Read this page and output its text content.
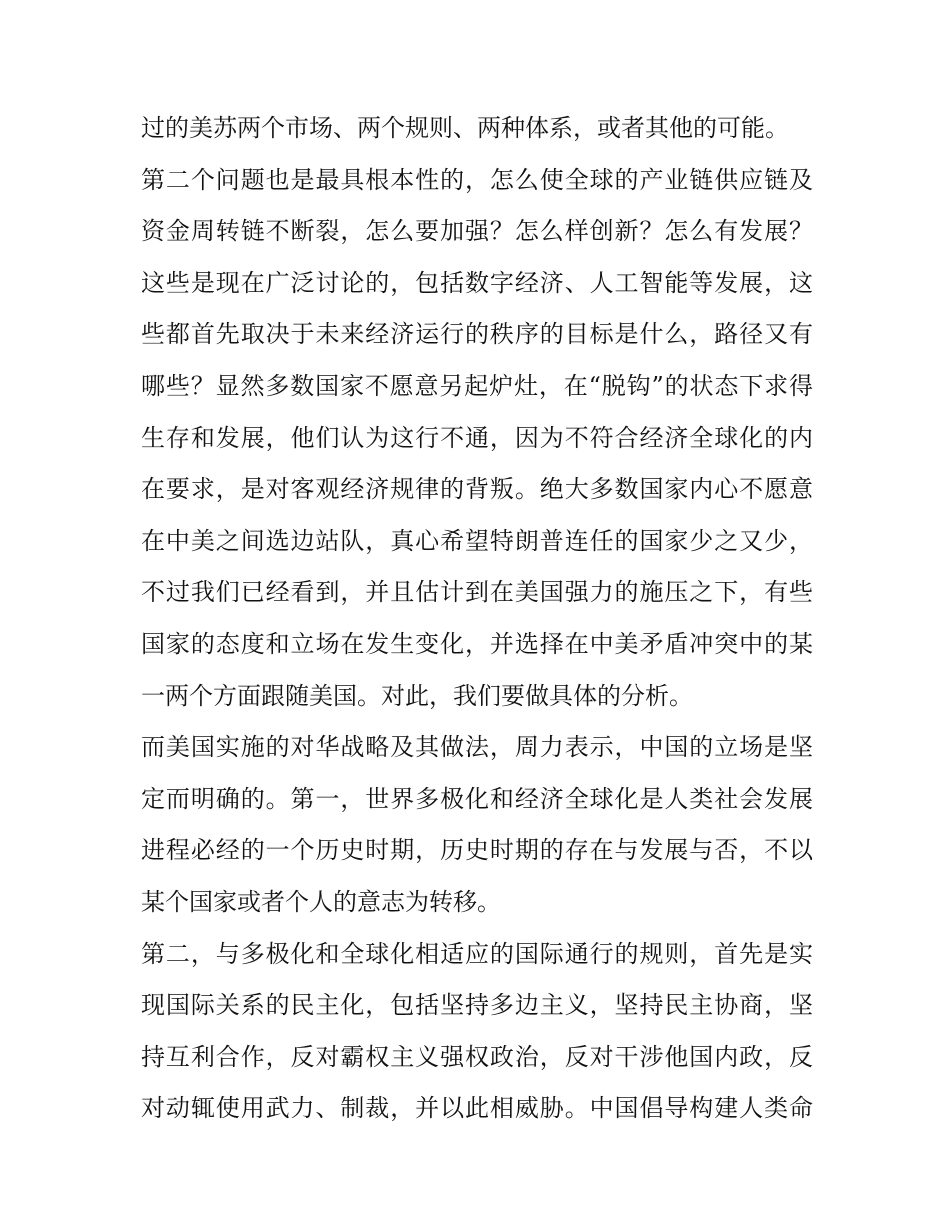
过的美苏两个市场、两个规则、两种体系，或者其他的可能。
第二个问题也是最具根本性的，怎么使全球的产业链供应链及
资金周转链不断裂，怎么要加强？怎么样创新？怎么有发展？
这些是现在广泛讨论的，包括数字经济、人工智能等发展，这
些都首先取决于未来经济运行的秩序的目标是什么，路径又有
哪些？显然多数国家不愿意另起炉灶，在“脱钩”的状态下求得
生存和发展，他们认为这行不通，因为不符合经济全球化的内
在要求，是对客观经济规律的背叛。绝大多数国家内心不愿意
在中美之间选边站队，真心希望特朗普连任的国家少之又少，
不过我们已经看到，并且估计到在美国强力的施压之下，有些
国家的态度和立场在发生变化，并选择在中美矛盾冲突中的某
一两个方面跟随美国。对此，我们要做具体的分析。
而美国实施的对华战略及其做法，周力表示，中国的立场是坚
定而明确的。第一，世界多极化和经济全球化是人类社会发展
进程必经的一个历史时期，历史时期的存在与发展与否，不以
某个国家或者个人的意志为转移。
第二，与多极化和全球化相适应的国际通行的规则，首先是实
现国际关系的民主化，包括坚持多边主义，坚持民主协商，坚
持互利合作，反对霸权主义强权政治，反对干涉他国内政，反
对动辄使用武力、制裁，并以此相威胁。中国倡导构建人类命
